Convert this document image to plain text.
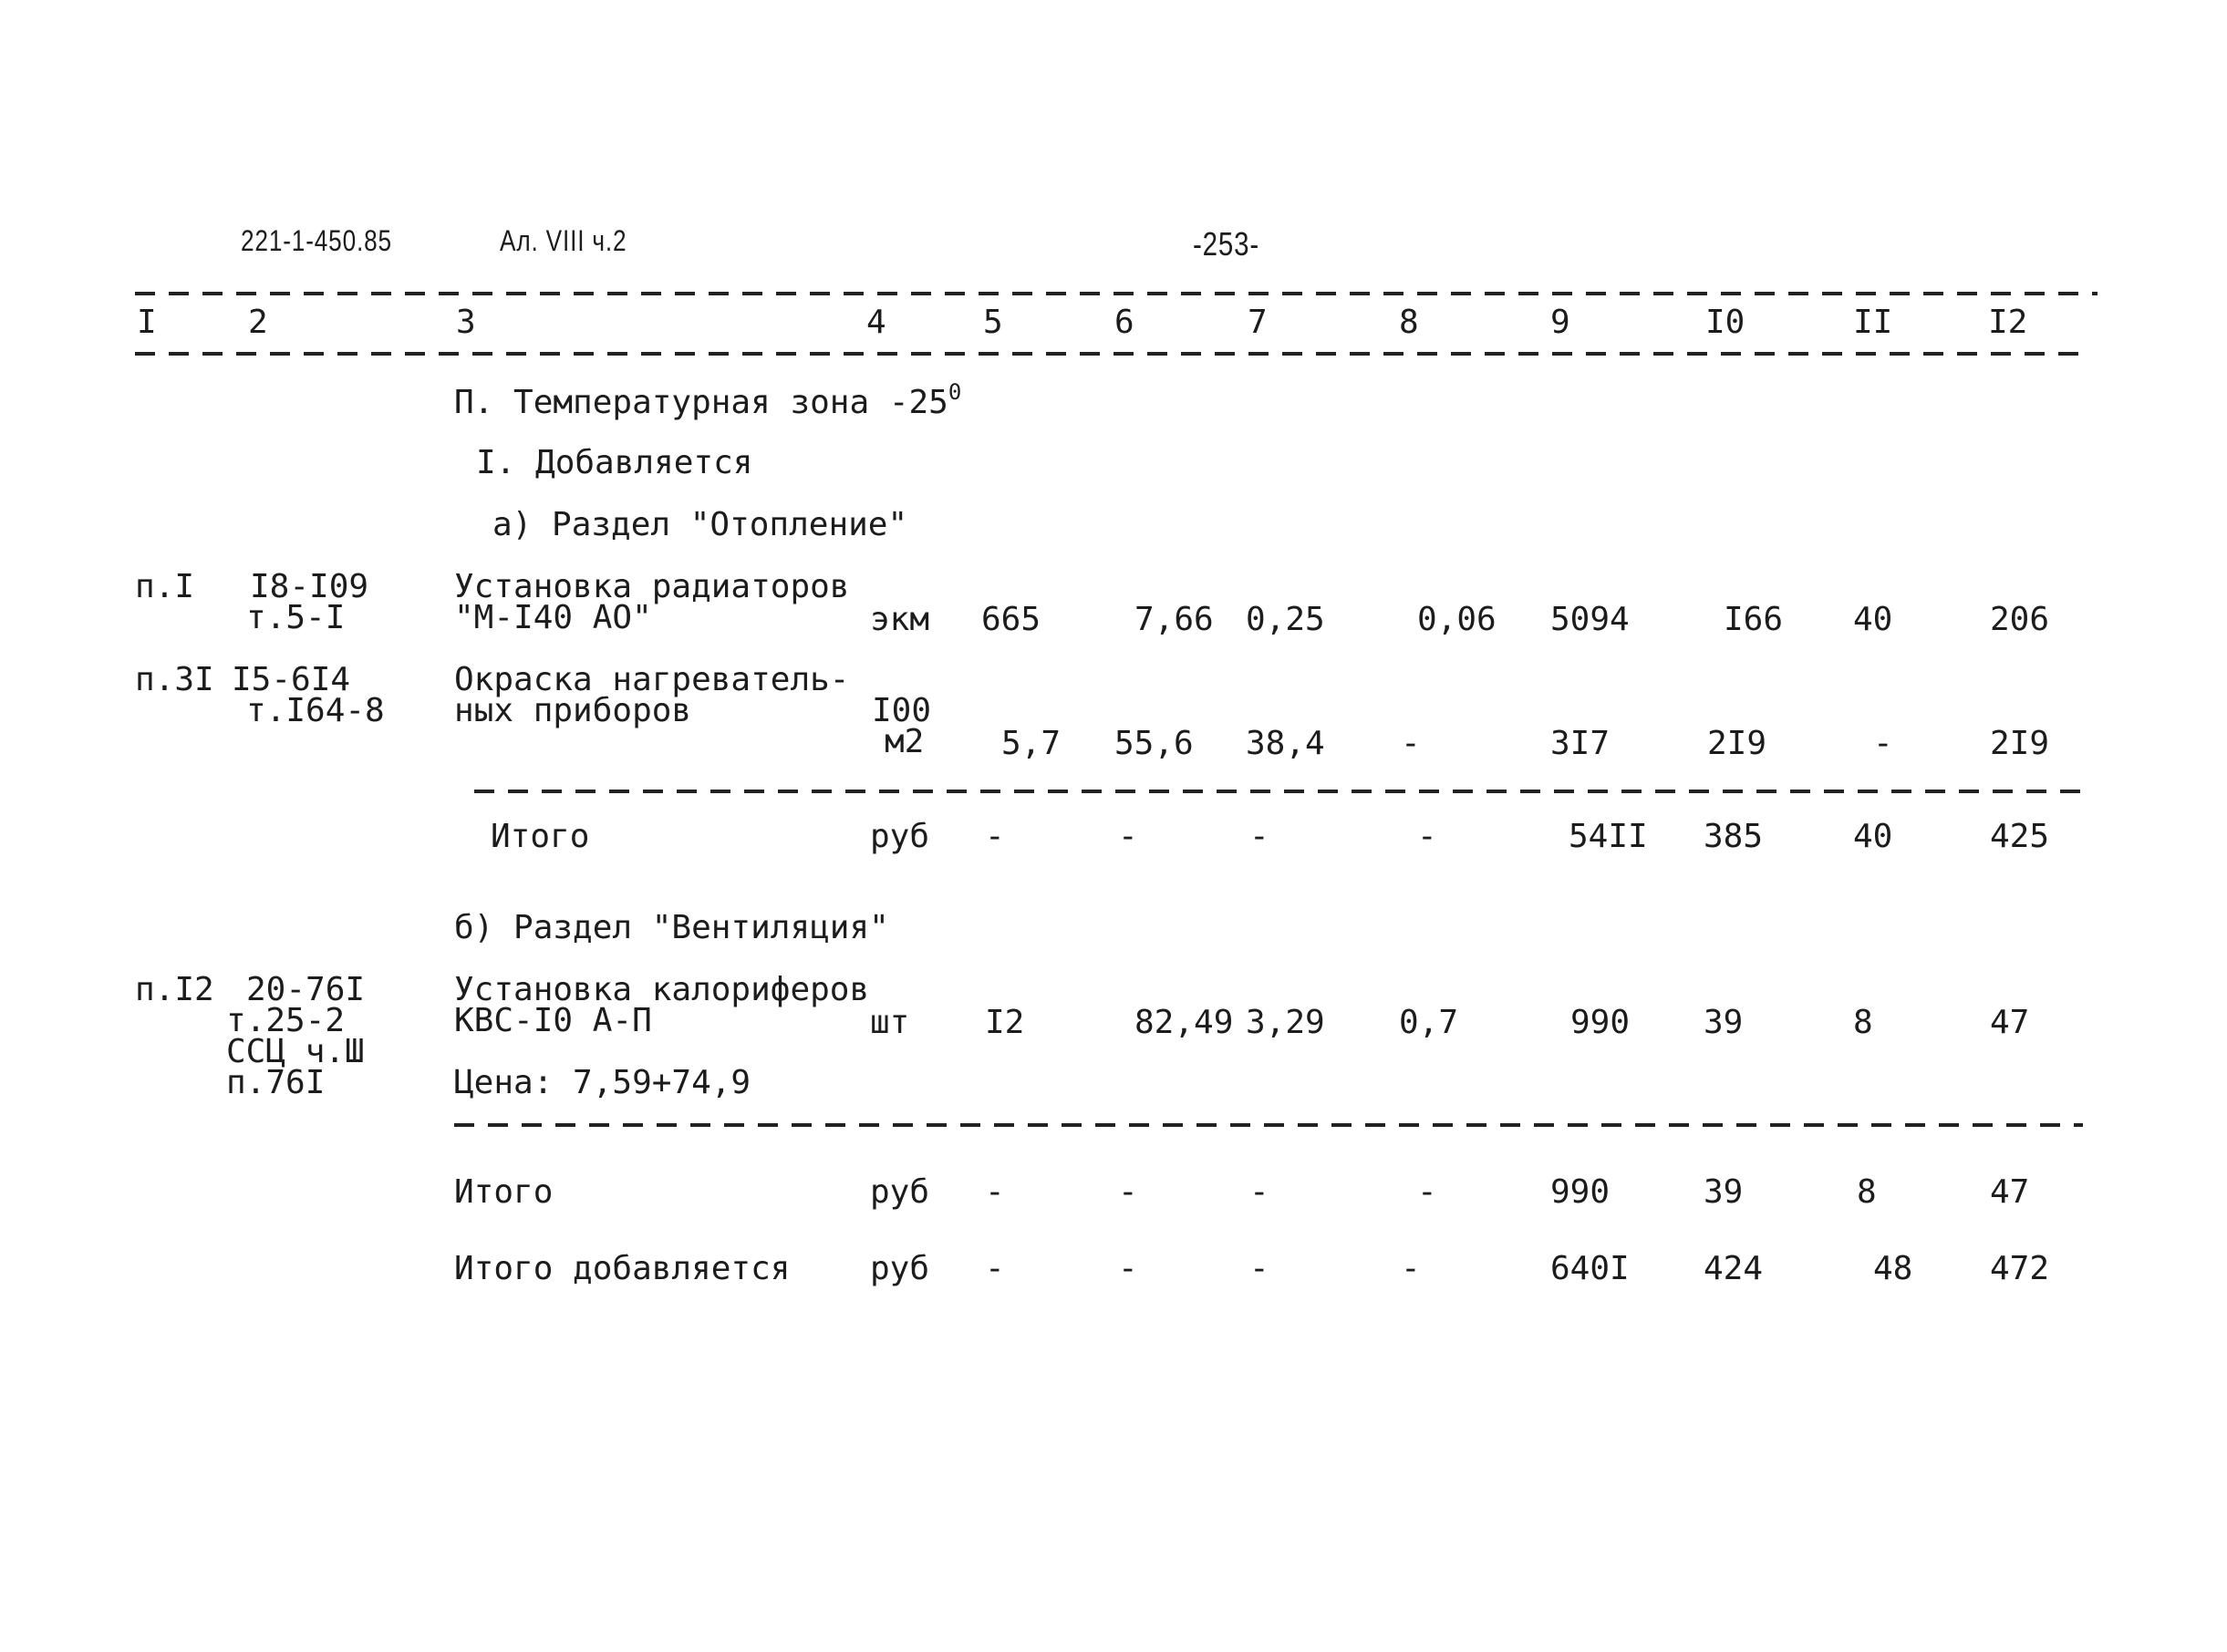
221-1-450.85	Ал. VIII ч.2	-253-
I	2	3	4	5	6	7	8	9	I0	II	I2
П. Температурная зона $-25^0$
I. Добавляется
а) Раздел "Отопление"
п.I I8-I09
т.5-I
Установка радиаторов
"М-I40 АО"	экм 665	7,66 0,25	0,06 5094	I66 40	206
п.3I I5-6I4
т.I64-8
Окраска нагреватель-
ных приборов	I00
м2 5,7 55,6 38,4 -	3I7	2I9	-	2I9
Итого	руб -	-	-	-	54II 385	40	425
б) Раздел "Вентиляция"
п.I2 20-76I
т.25-2
ССЦ ч.Ш
п.76I
Установка калориферов
КВС-I0 А-П	шт I2	82,49 3,29 0,7	990 39	8	47
Цена: 7,59+74,9
Итого	руб -	-	-	-	990	39	8	47
Итого добавляется руб -	-	-	-	640I 424	48 472
